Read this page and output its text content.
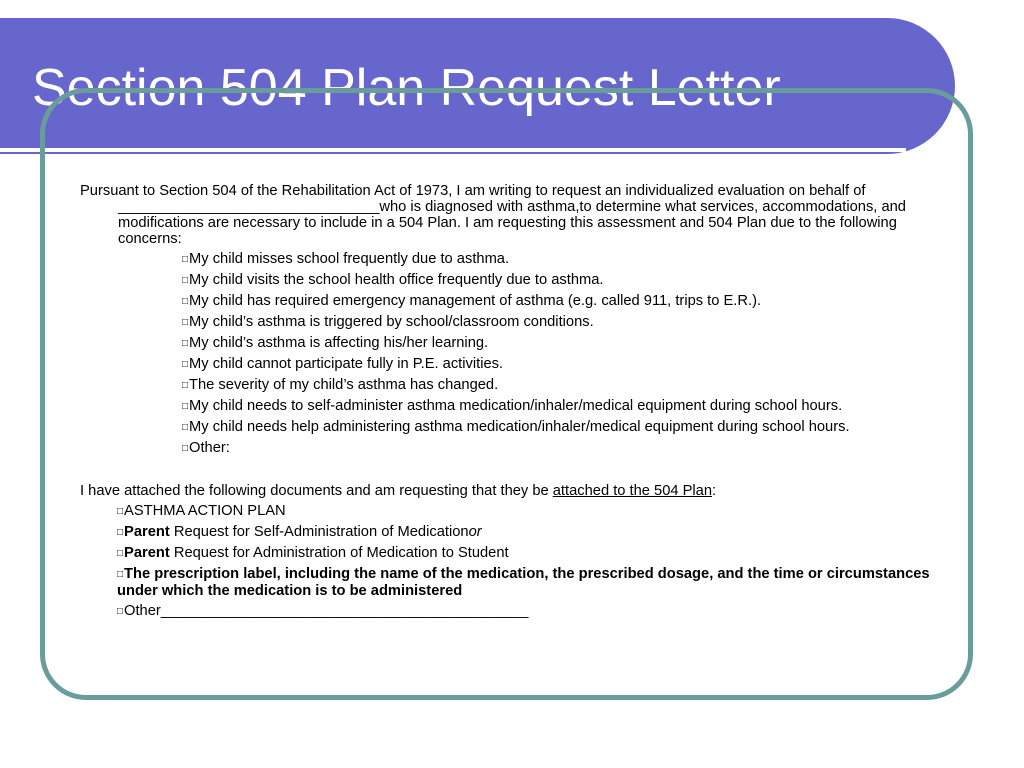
Section 504 Plan Request Letter

Pursuant to Section 504 of the Rehabilitation Act of 1973, I am writing to request an individualized evaluation on behalf of ________________________________who is diagnosed with asthma,to determine what services, accommodations, and modifications are necessary to include in a 504 Plan. I am requesting this assessment and 504 Plan due to the following concerns:

□ My child misses school frequently due to asthma.
□ My child visits the school health office frequently due to asthma.
□ My child has required emergency management of asthma (e.g. called 911, trips to E.R.).
□ My child’s asthma is triggered by school/classroom conditions.
□ My child’s asthma is affecting his/her learning.
□ My child cannot participate fully in P.E. activities.
□ The severity of my child’s asthma has changed.
□ My child needs to self-administer asthma medication/inhaler/medical equipment during school hours.
□ My child needs help administering asthma medication/inhaler/medical equipment during school hours.
□ Other:

I have attached the following documents and am requesting that they be attached to the 504 Plan:

□ ASTHMA ACTION PLAN
□ Parent Request for Self-Administration of Medicationor
□ Parent Request for Administration of Medication to Student
□ The prescription label, including the name of the medication, the prescribed dosage, and the time or circumstances under which the medication is to be administered
□ Other_____________________________________________
